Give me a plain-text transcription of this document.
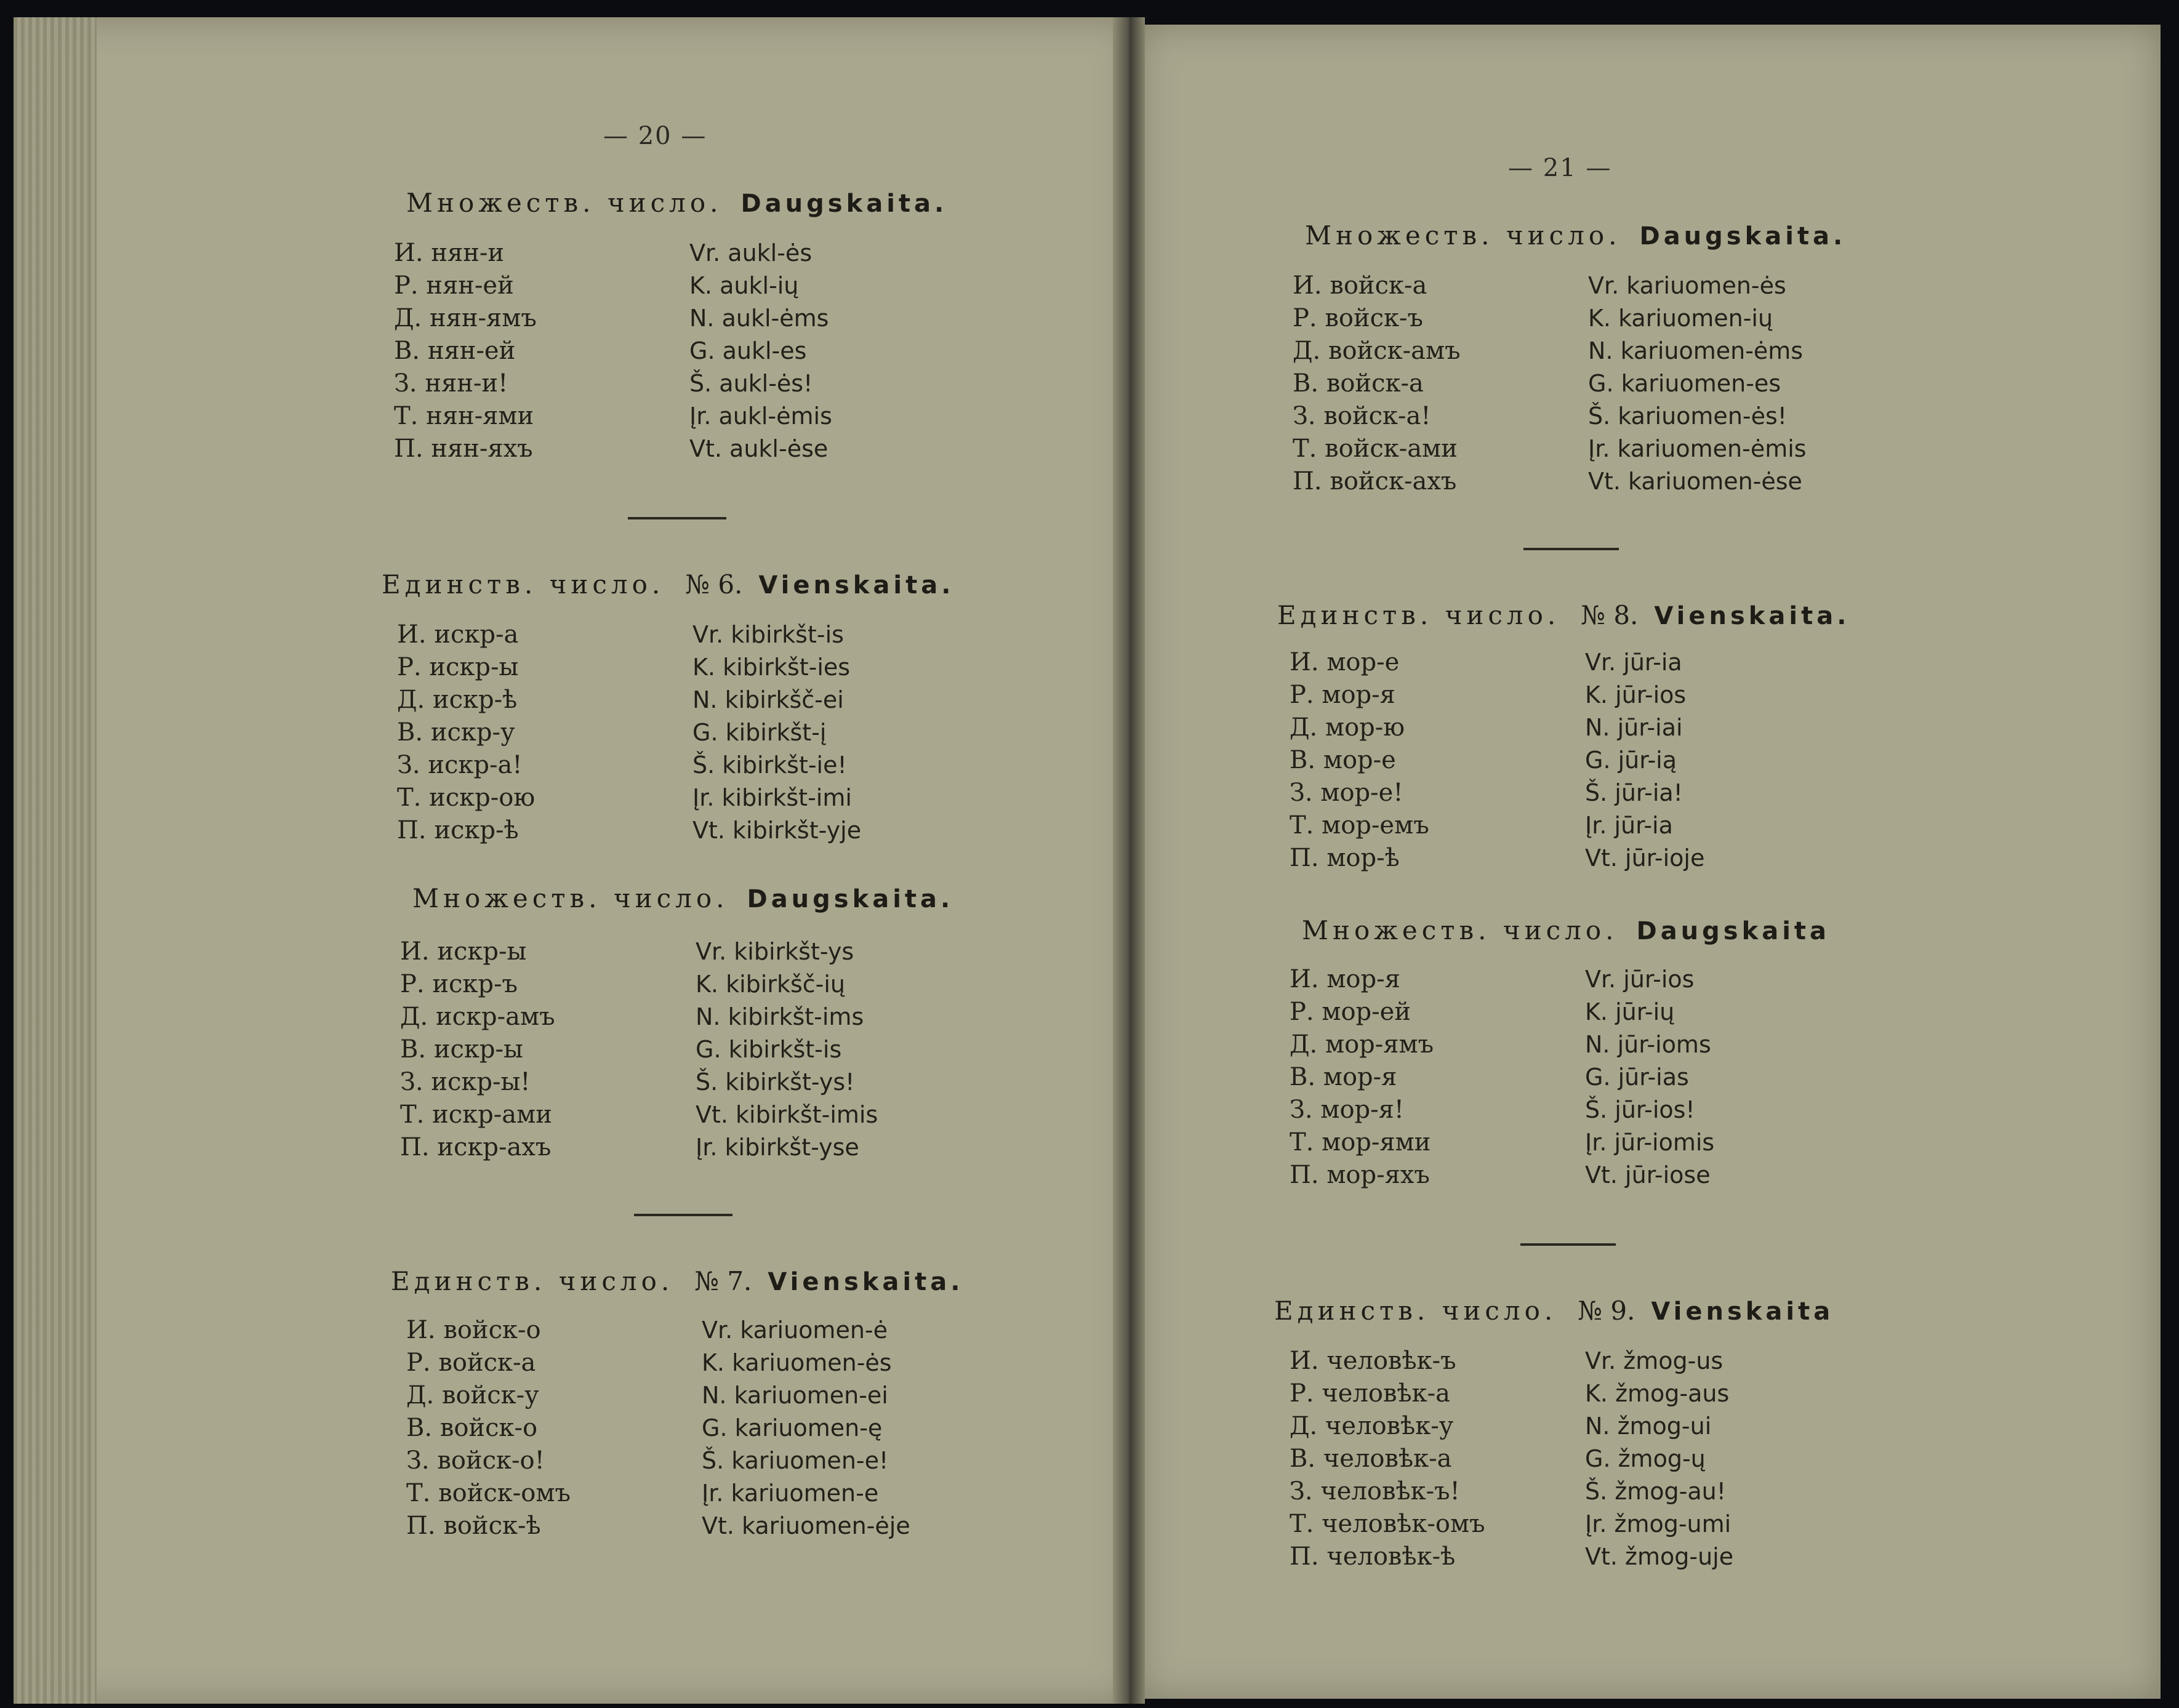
— 20 —
Множеств. число. Daugskaita.
И. нян-и	Vr. aukl-ės
Р. нян-ей	K. aukl-ių
Д. нян-ямъ	N. aukl-ėms
В. нян-ей	G. aukl-es
З. нян-и!	Š. aukl-ės!
Т. нян-ями	Įr. aukl-ėmis
П. нян-яхъ	Vt. aukl-ėse
Единств. число. № 6. Vienskaita.
И. искр-а	Vr. kibirkšt-is
Р. искр-ы	K. kibirkšt-ies
Д. искр-ѣ	N. kibirkšč-ei
В. искр-у	G. kibirkšt-į
З. искр-а!	Š. kibirkšt-ie!
Т. искр-ою	Įr. kibirkšt-imi
П. искр-ѣ	Vt. kibirkšt-yje
Множеств. число. Daugskaita.
И. искр-ы	Vr. kibirkšt-ys
Р. искр-ъ	K. kibirkšč-ių
Д. искр-амъ	N. kibirkšt-ims
В. искр-ы	G. kibirkšt-is
З. искр-ы!	Š. kibirkšt-ys!
Т. искр-ами	Vt. kibirkšt-imis
П. искр-ахъ	Įr. kibirkšt-yse
Единств. число. № 7. Vienskaita.
И. войск-о	Vr. kariuomen-ė
Р. войск-а	K. kariuomen-ės
Д. войск-у	N. kariuomen-ei
В. войск-о	G. kariuomen-ę
З. войск-о!	Š. kariuomen-e!
Т. войск-омъ	Įr. kariuomen-e
П. войск-ѣ	Vt. kariuomen-ėje
— 21 —
Множеств. число. Daugskaita.
И. войск-а	Vr. kariuomen-ės
Р. войск-ъ	K. kariuomen-ių
Д. войск-амъ	N. kariuomen-ėms
В. войск-а	G. kariuomen-es
З. войск-а!	Š. kariuomen-ės!
Т. войск-ами	Įr. kariuomen-ėmis
П. войск-ахъ	Vt. kariuomen-ėse
Единств. число. № 8. Vienskaita.
И. мор-е	Vr. jūr-ia
Р. мор-я	K. jūr-ios
Д. мор-ю	N. jūr-iai
В. мор-е	G. jūr-ią
З. мор-е!	Š. jūr-ia!
Т. мор-емъ	Įr. jūr-ia
П. мор-ѣ	Vt. jūr-ioje
Множеств. число. Daugskaita
И. мор-я	Vr. jūr-ios
Р. мор-ей	K. jūr-ių
Д. мор-ямъ	N. jūr-ioms
В. мор-я	G. jūr-ias
З. мор-я!	Š. jūr-ios!
Т. мор-ями	Įr. jūr-iomis
П. мор-яхъ	Vt. jūr-iose
Единств. число. № 9. Vienskaita
И. человѣк-ъ	Vr. žmog-us
Р. человѣк-а	K. žmog-aus
Д. человѣк-у	N. žmog-ui
В. человѣк-а	G. žmog-ų
З. человѣк-ъ!	Š. žmog-au!
Т. человѣк-омъ	Įr. žmog-umi
П. человѣк-ѣ	Vt. žmog-uje
